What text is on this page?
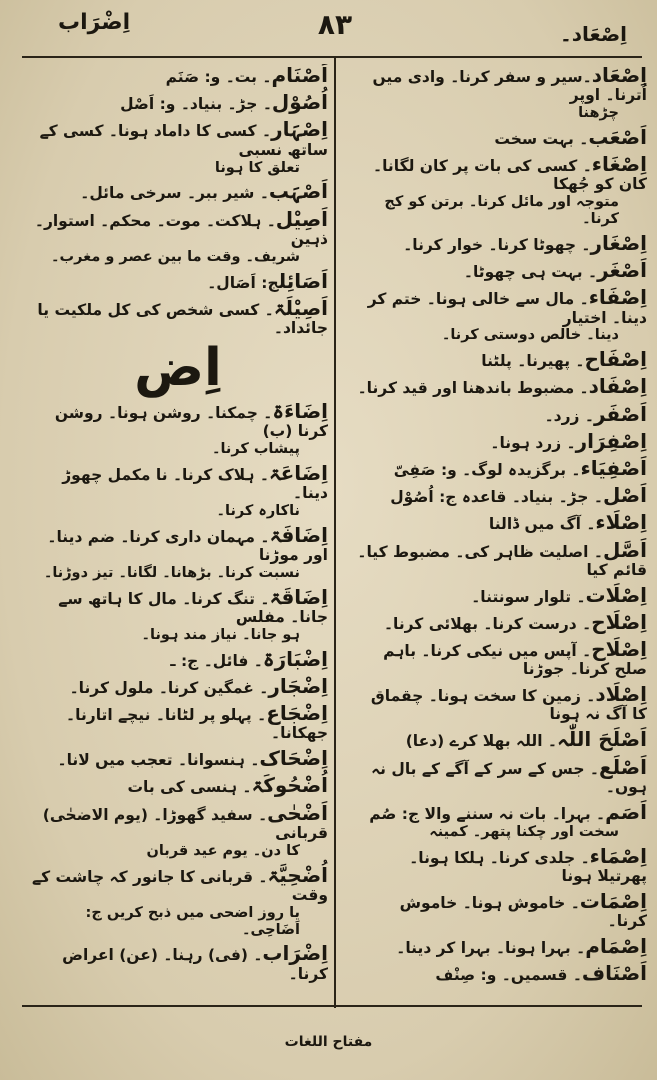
اِضْرَاب	٨٣	اِصْعَاد۔
اِصْعَاد۔سیر و سفر کرنا۔ وادی میں اُترنا۔ اوپر
چڑھنا
اَصْعَب۔ بہت سخت
اِصْغَاء۔ کسی کی بات پر کان لگانا۔ کان کو جُھکا
متوجہ اور مائل کرنا۔ برتن کو کج کرنا۔
اِصْغَار۔ چھوٹا کرنا۔ خوار کرنا۔
اَصْغَر۔ بہت ہی چھوٹا۔
اِصْفَاء۔ مال سے خالی ہونا۔ ختم کر دینا۔ اختیار
دینا۔ خالص دوستی کرنا۔
اِصْفَاح۔ پھیرنا۔ پلٹنا
اِصْفَاد۔ مضبوط باندھنا اور قید کرنا۔
اَصْفَر۔ زرد۔
اِصْفِرَار۔ زرد ہونا۔
اَصْفِیَاء۔ برگزیدہ لوگ۔ و: صَفِیّ
اَصْل۔ جڑ۔ بنیاد۔ قاعدہ ج: اُصُوْل
اِصْلَاء۔ آگ میں ڈالنا
اَصَّل۔ اصلیت ظاہر کی۔ مضبوط کیا۔ قائم کیا
اِصْلَات۔ تلوار سونتنا۔
اِصْلَاح۔ درست کرنا۔ بھلائی کرنا۔
اِصْلَاح۔ آپس میں نیکی کرنا۔ باہم صلح کرنا۔ جوڑنا
اِصْلَاد۔ زمین کا سخت ہونا۔ چقماق کا آگ نہ ہونا
اَصْلَحَ اللّٰہ۔ اللہ بھلا کرے (دعا)
اَصْلَع۔ جس کے سر کے آگے کے بال نہ ہوں۔
اَصَم۔ بہرا۔ بات نہ سننے والا ج: صُم
سخت اور چکنا پتھر۔ کمینہ
اِصْمَاء۔ جلدی کرنا۔ ہلکا ہونا۔ پھرتیلا ہونا
اِصْمَات۔ خاموش ہونا۔ خاموش کرنا۔
اِصْمَام۔ بہرا ہونا۔ بہرا کر دینا۔
اَصْنَاف۔ قسمیں۔ و: صِنْف
اَصْنَام۔ بت۔ و: صَنَم
اُصُوْل۔ جڑ۔ بنیاد۔ و: اَصْل
اِصْہَار۔ کسی کا داماد ہونا۔ کسی کے ساتھ نسبی
تعلق کا ہونا
اَصْہَب۔ شیر ببر۔ سرخی مائل۔
اَصِیْل۔ ہلاکت۔ موت۔ محکم۔ استوار۔ ذہین
شریف۔ وقت ما بین عصر و مغرب۔
اَصَائِلج: اَصَال۔
اَصِیْلَۃ۔ کسی شخص کی کل ملکیت یا جائداد۔
اِض
اِضَاءَۃ۔ چمکنا۔ روشن ہونا۔ روشن کرنا (ب)
پیشاب کرنا۔
اِضَاعَۃ۔ ہلاک کرنا۔ نا مکمل چھوڑ دینا۔
ناکارہ کرنا۔
اِضَافَۃ۔ مہمان داری کرنا۔ ضم دینا۔ اور موڑنا
نسبت کرنا۔ بڑھانا۔ لگانا۔ تیز دوڑنا۔
اِضَاقَۃ۔ تنگ کرنا۔ مال کا ہاتھ سے جانا۔ مفلس
ہو جانا۔ نیاز مند ہونا۔
اِضْبَارَۃ۔ فائل۔ ج: ـ
اِضْجَار۔ غمگین کرنا۔ ملول کرنا۔
اِضْجَاع۔ پہلو پر لٹانا۔ نیچے اتارنا۔ جھکانا۔
اِضْحَاک۔ ہنسوانا۔ تعجب میں لانا۔
اُضْحُوکَۃ۔ ہنسی کی بات
اَضْحٰی۔ سفید گھوڑا۔ (یوم الاضحٰی) قربانی
کا دن۔ یوم عید قربان
اُضْحِیَّۃ۔ قربانی کا جانور کہ چاشت کے وقت
یا روز اضحی میں ذبح کریں ج: اَضَاحِی۔
اِضْرَاب۔ (فی) رہنا۔ (عن) اعراض کرنا۔
مفتاح اللغات
